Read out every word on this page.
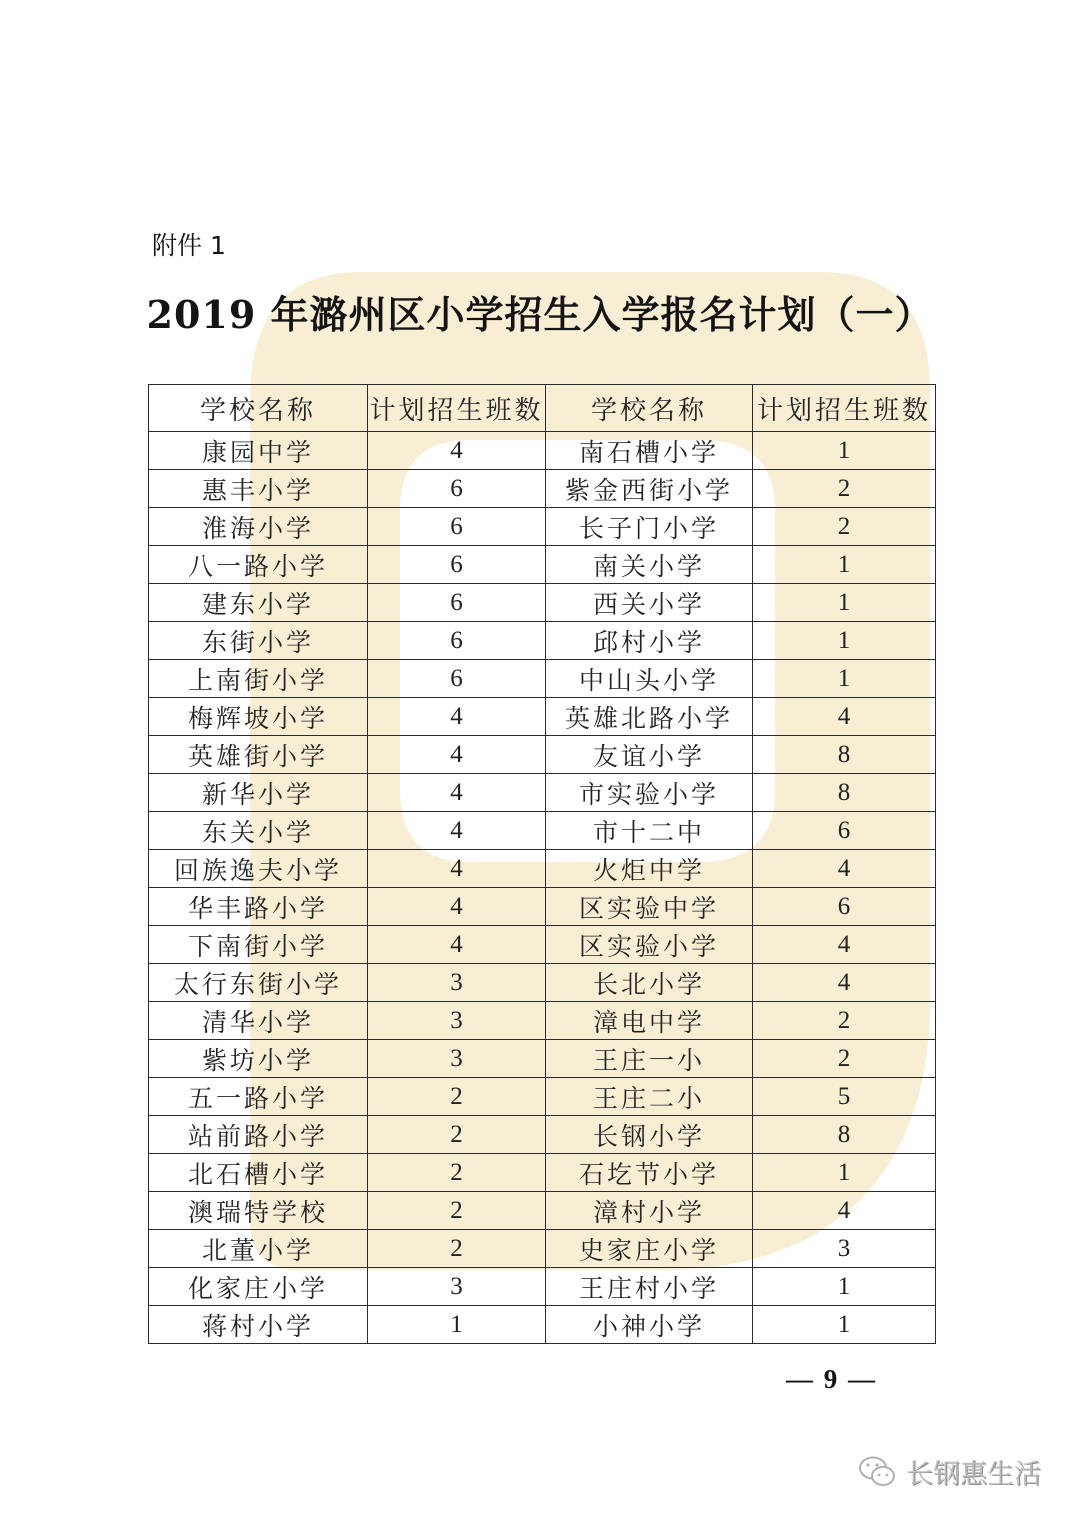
附件 1
2019 年潞州区小学招生入学报名计划（一）
学校名称	计划招生班数	学校名称	计划招生班数
康园中学	4	南石槽小学	1
惠丰小学	6	紫金西街小学	2
淮海小学	6	长子门小学	2
八一路小学	6	南关小学	1
建东小学	6	西关小学	1
东街小学	6	邱村小学	1
上南街小学	6	中山头小学	1
梅辉坡小学	4	英雄北路小学	4
英雄街小学	4	友谊小学	8
新华小学	4	市实验小学	8
东关小学	4	市十二中	6
回族逸夫小学	4	火炬中学	4
华丰路小学	4	区实验中学	6
下南街小学	4	区实验小学	4
太行东街小学	3	长北小学	4
清华小学	3	漳电中学	2
紫坊小学	3	王庄一小	2
五一路小学	2	王庄二小	5
站前路小学	2	长钢小学	8
北石槽小学	2	石圪节小学	1
澳瑞特学校	2	漳村小学	4
北董小学	2	史家庄小学	3
化家庄小学	3	王庄村小学	1
蒋村小学	1	小神小学	1
— 9 —
长钢惠生活
